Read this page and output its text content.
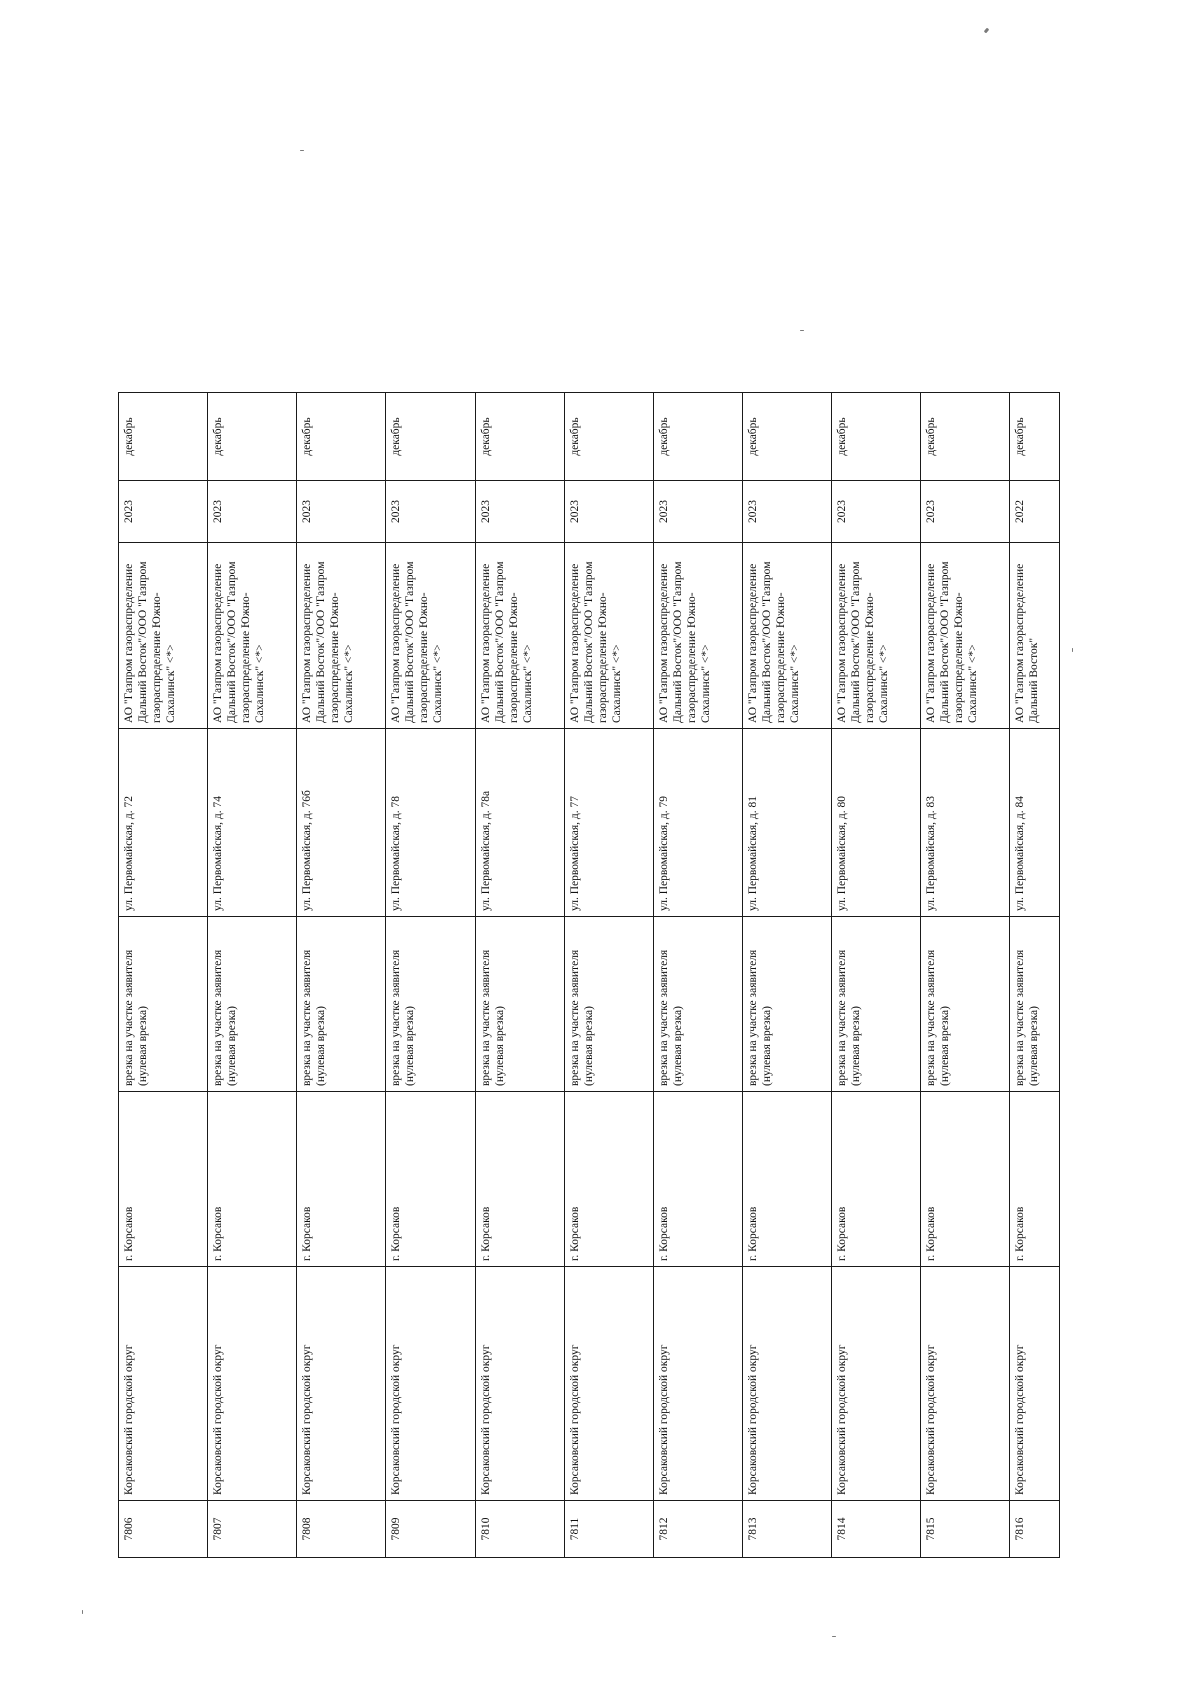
7806	Корсаковский городской округ	г. Корсаков	врезка на участке заявителя (нулевая врезка)	ул. Первомайская, д. 72	АО "Газпром газораспределение Дальний Восток"/ООО "Газпром газораспределение Южно-Сахалинск" <*>	2023	декабрь
7807	Корсаковский городской округ	г. Корсаков	врезка на участке заявителя (нулевая врезка)	ул. Первомайская, д. 74	АО "Газпром газораспределение Дальний Восток"/ООО "Газпром газораспределение Южно-Сахалинск" <*>	2023	декабрь
7808	Корсаковский городской округ	г. Корсаков	врезка на участке заявителя (нулевая врезка)	ул. Первомайская, д. 76б	АО "Газпром газораспределение Дальний Восток"/ООО "Газпром газораспределение Южно-Сахалинск" <*>	2023	декабрь
7809	Корсаковский городской округ	г. Корсаков	врезка на участке заявителя (нулевая врезка)	ул. Первомайская, д. 78	АО "Газпром газораспределение Дальний Восток"/ООО "Газпром газораспределение Южно-Сахалинск" <*>	2023	декабрь
7810	Корсаковский городской округ	г. Корсаков	врезка на участке заявителя (нулевая врезка)	ул. Первомайская, д. 78а	АО "Газпром газораспределение Дальний Восток"/ООО "Газпром газораспределение Южно-Сахалинск" <*>	2023	декабрь
7811	Корсаковский городской округ	г. Корсаков	врезка на участке заявителя (нулевая врезка)	ул. Первомайская, д. 77	АО "Газпром газораспределение Дальний Восток"/ООО "Газпром газораспределение Южно-Сахалинск" <*>	2023	декабрь
7812	Корсаковский городской округ	г. Корсаков	врезка на участке заявителя (нулевая врезка)	ул. Первомайская, д. 79	АО "Газпром газораспределение Дальний Восток"/ООО "Газпром газораспределение Южно-Сахалинск" <*>	2023	декабрь
7813	Корсаковский городской округ	г. Корсаков	врезка на участке заявителя (нулевая врезка)	ул. Первомайская, д. 81	АО "Газпром газораспределение Дальний Восток"/ООО "Газпром газораспределение Южно-Сахалинск" <*>	2023	декабрь
7814	Корсаковский городской округ	г. Корсаков	врезка на участке заявителя (нулевая врезка)	ул. Первомайская, д. 80	АО "Газпром газораспределение Дальний Восток"/ООО "Газпром газораспределение Южно-Сахалинск" <*>	2023	декабрь
7815	Корсаковский городской округ	г. Корсаков	врезка на участке заявителя (нулевая врезка)	ул. Первомайская, д. 83	АО "Газпром газораспределение Дальний Восток"/ООО "Газпром газораспределение Южно-Сахалинск" <*>	2023	декабрь
7816	Корсаковский городской округ	г. Корсаков	врезка на участке заявителя (нулевая врезка)	ул. Первомайская, д. 84	АО "Газпром газораспределение Дальний Восток"	2022	декабрь
